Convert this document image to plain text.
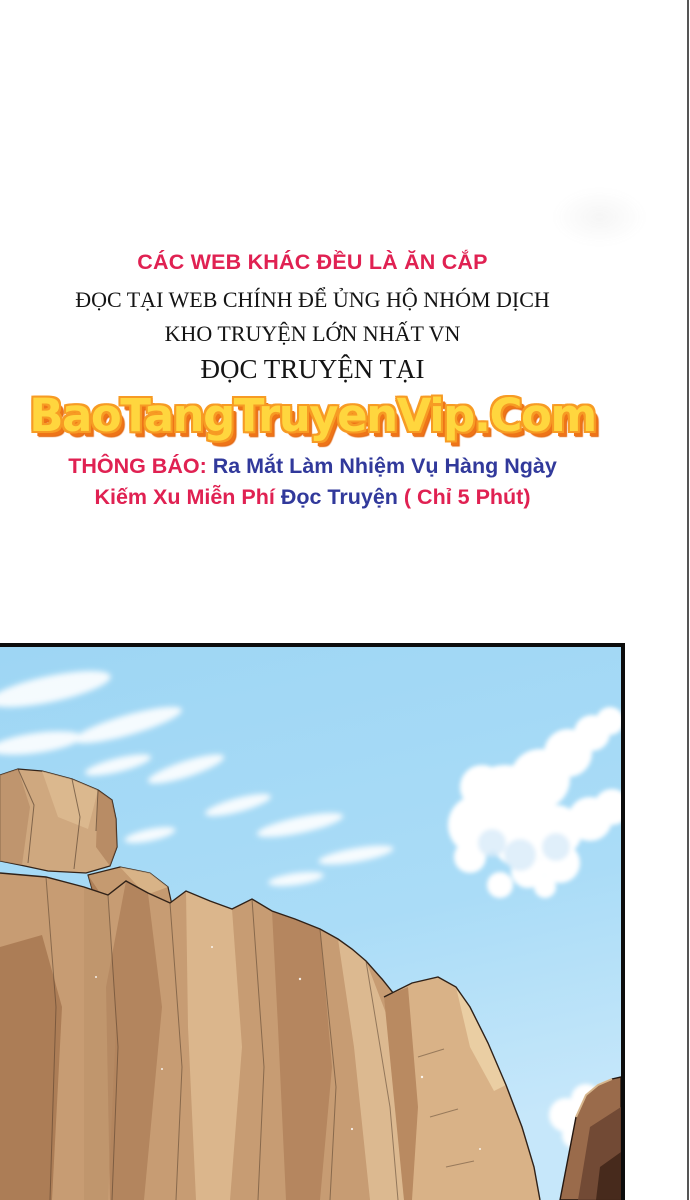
CÁC WEB KHÁC ĐỀU LÀ ĂN CẮP
ĐỌC TẠI WEB CHÍNH ĐỂ ỦNG HỘ NHÓM DỊCH
KHO TRUYỆN LỚN NHẤT VN
ĐỌC TRUYỆN TẠI
BaoTangTruyenVip.Com
THÔNG BÁO: Ra Mắt Làm Nhiệm Vụ Hàng Ngày
Kiếm Xu Miễn Phí Đọc Truyện ( Chỉ 5 Phút)
